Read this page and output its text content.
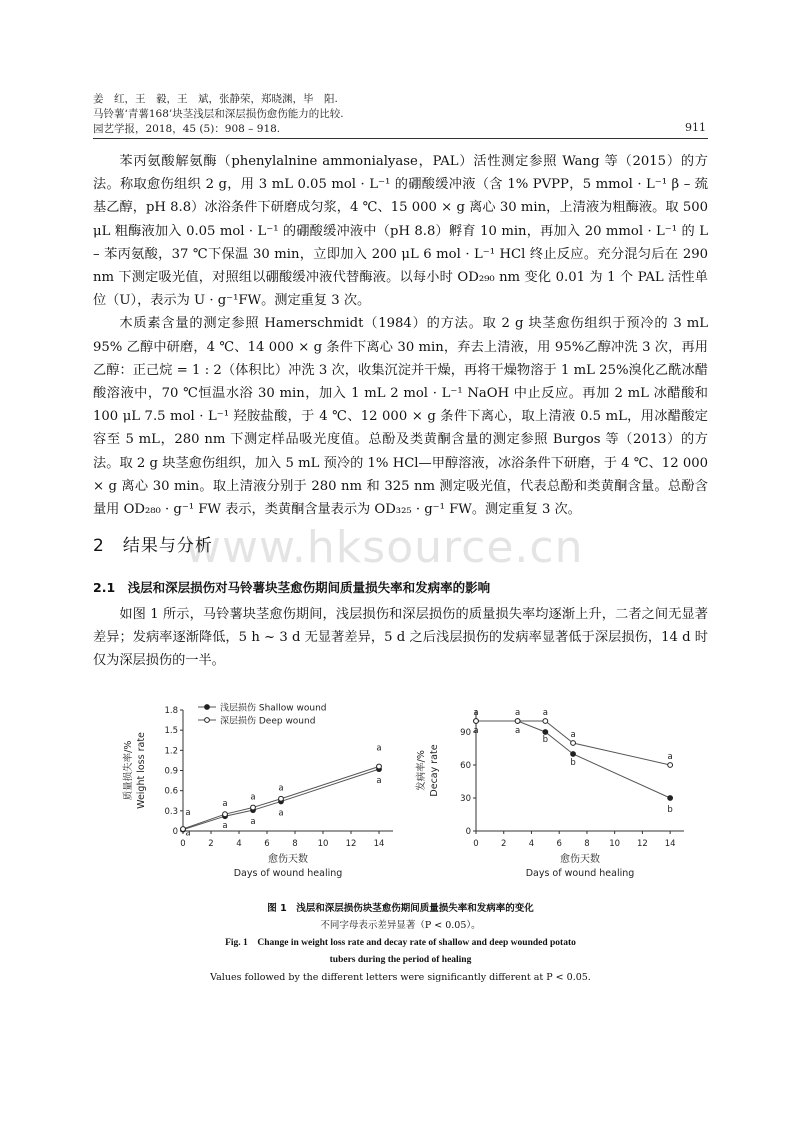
姜　红，王　毅，王　斌，张静荣，郑晓渊，毕　阳.
马铃薯‘青薯168’块茎浅层和深层损伤愈伤能力的比较.
园艺学报，2018，45 (5)：908 – 918.	911

苯丙氨酸解氨酶（phenylalnine ammonialyase，PAL）活性测定参照 Wang 等（2015）的方法。称取愈伤组织 2 g，用 3 mL 0.05 mol · L⁻¹ 的硼酸缓冲液（含 1% PVPP，5 mmol · L⁻¹ β – 巯基乙醇，pH 8.8）冰浴条件下研磨成匀浆，4 ℃、15 000 × g 离心 30 min，上清液为粗酶液。取 500 μL 粗酶液加入 0.05 mol · L⁻¹ 的硼酸缓冲液中（pH 8.8）孵育 10 min，再加入 20 mmol · L⁻¹ 的 L – 苯丙氨酸，37 ℃下保温 30 min，立即加入 200 μL 6 mol · L⁻¹ HCl 终止反应。充分混匀后在 290 nm 下测定吸光值，对照组以硼酸缓冲液代替酶液。以每小时 OD₂₉₀ nm 变化 0.01 为 1 个 PAL 活性单位（U），表示为 U · g⁻¹FW。测定重复 3 次。

木质素含量的测定参照 Hamerschmidt（1984）的方法。取 2 g 块茎愈伤组织于预冷的 3 mL 95% 乙醇中研磨，4 ℃、14 000 × g 条件下离心 30 min，弃去上清液，用 95%乙醇冲洗 3 次，再用乙醇：正己烷 = 1 : 2（体积比）冲洗 3 次，收集沉淀并干燥，再将干燥物溶于 1 mL 25%溴化乙酰冰醋酸溶液中，70 ℃恒温水浴 30 min，加入 1 mL 2 mol · L⁻¹ NaOH 中止反应。再加 2 mL 冰醋酸和 100 μL 7.5 mol · L⁻¹ 羟胺盐酸，于 4 ℃、12 000 × g 条件下离心，取上清液 0.5 mL，用冰醋酸定容至 5 mL，280 nm 下测定样品吸光度值。总酚及类黄酮含量的测定参照 Burgos 等（2013）的方法。取 2 g 块茎愈伤组织，加入 5 mL 预冷的 1% HCl—甲醇溶液，冰浴条件下研磨，于 4 ℃、12 000 × g 离心 30 min。取上清液分别于 280 nm 和 325 nm 测定吸光值，代表总酚和类黄酮含量。总酚含量用 OD₂₈₀ · g⁻¹ FW 表示，类黄酮含量表示为 OD₃₂₅ · g⁻¹ FW。测定重复 3 次。

www.hksource.cn
2　结果与分析
2.1　浅层和深层损伤对马铃薯块茎愈伤期间质量损失率和发病率的影响

如图 1 所示，马铃薯块茎愈伤期间，浅层损伤和深层损伤的质量损失率均逐渐上升，二者之间无显著差异；发病率逐渐降低，5 h ~ 3 d 无显著差异，5 d 之后浅层损伤的发病率显著低于深层损伤，14 d 时仅为深层损伤的一半。

0	2	4	6	8 10 12 14
0
0.3
0.6
0.9
1.2
1.5
1.8
愈伤天数
Days of wound healing
质量损失率/% Weight loss rate
a
a	a
a
a
a
a
a
a
a
浅层损伤 Shallow wound
深层损伤 Deep wound
0	2	4	6	8 10 12 14
0
30
60
90
愈伤天数
Days of wound healing
发病率/% Decay rate
a	a
b
b
b
a	a	a
a
a
图 1　 浅层和深层损伤块茎愈伤期间质量损失率和发病率的变化
不同字母表示差异显著（P < 0.05）。
Fig. 1　 Change in weight loss rate and decay rate of shallow and deep wounded potato
tubers during the period of healing
Values followed by the different letters were significantly different at P < 0.05.
